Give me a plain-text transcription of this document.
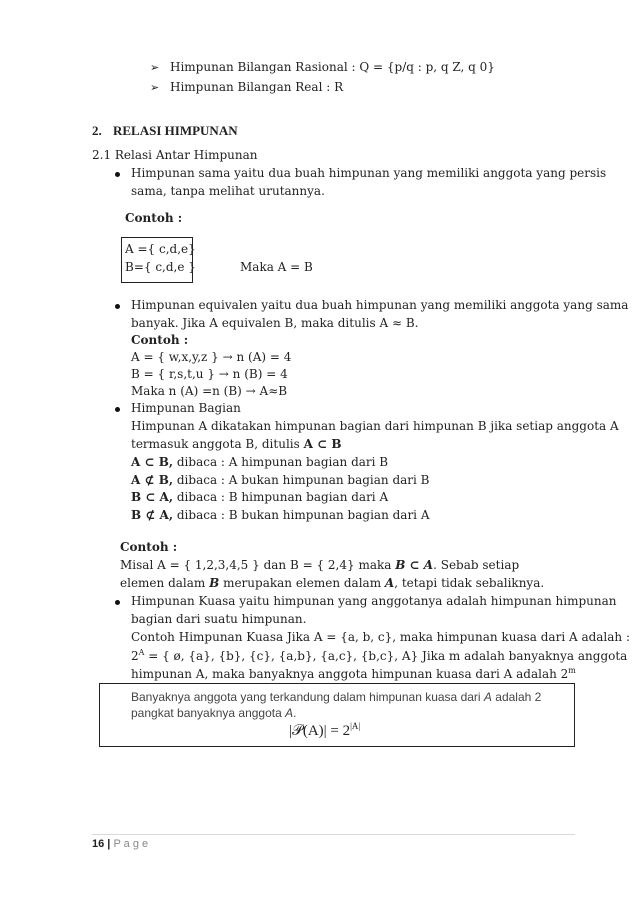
➢ Himpunan Bilangan Rasional : Q = {p/q : p, q Z, q 0}
➢ Himpunan Bilangan Real : R
2. RELASI HIMPUNAN
2.1 Relasi Antar Himpunan
Himpunan sama yaitu dua buah himpunan yang memiliki anggota yang persis
sama, tanpa melihat urutannya.
Contoh :
A ={ c,d,e}
B={ c,d,e }	Maka A = B
Himpunan equivalen yaitu dua buah himpunan yang memiliki anggota yang sama
banyak. Jika A equivalen B, maka ditulis A ≈ B.
Contoh :
A = { w,x,y,z } → n (A) = 4
B = { r,s,t,u } → n (B) = 4
Maka n (A) =n (B) → A≈B
Himpunan Bagian
Himpunan A dikatakan himpunan bagian dari himpunan B jika setiap anggota A
termasuk anggota B, ditulis A ⊂ B
A ⊂ B, dibaca : A himpunan bagian dari B
A ⊄ B, dibaca : A bukan himpunan bagian dari B
B ⊂ A, dibaca : B himpunan bagian dari A
B ⊄ A, dibaca : B bukan himpunan bagian dari A
Contoh :
Misal A = { 1,2,3,4,5 } dan B = { 2,4} maka B ⊂ A. Sebab setiap
elemen dalam B merupakan elemen dalam A, tetapi tidak sebaliknya.
Himpunan Kuasa yaitu himpunan yang anggotanya adalah himpunan himpunan
bagian dari suatu himpunan.
Contoh Himpunan Kuasa Jika A = {a, b, c}, maka himpunan kuasa dari A adalah :
$2^A$ = { ø, {a}, {b}, {c}, {a,b}, {a,c}, {b,c}, A} Jika m adalah banyaknya anggota
himpunan A, maka banyaknya anggota himpunan kuasa dari A adalah 2$^m$
Banyaknya anggota yang terkandung dalam himpunan kuasa dari A adalah 2
pangkat banyaknya anggota A.
|𝒫(A)| = $2^{|A|}$
16 | P a g e
